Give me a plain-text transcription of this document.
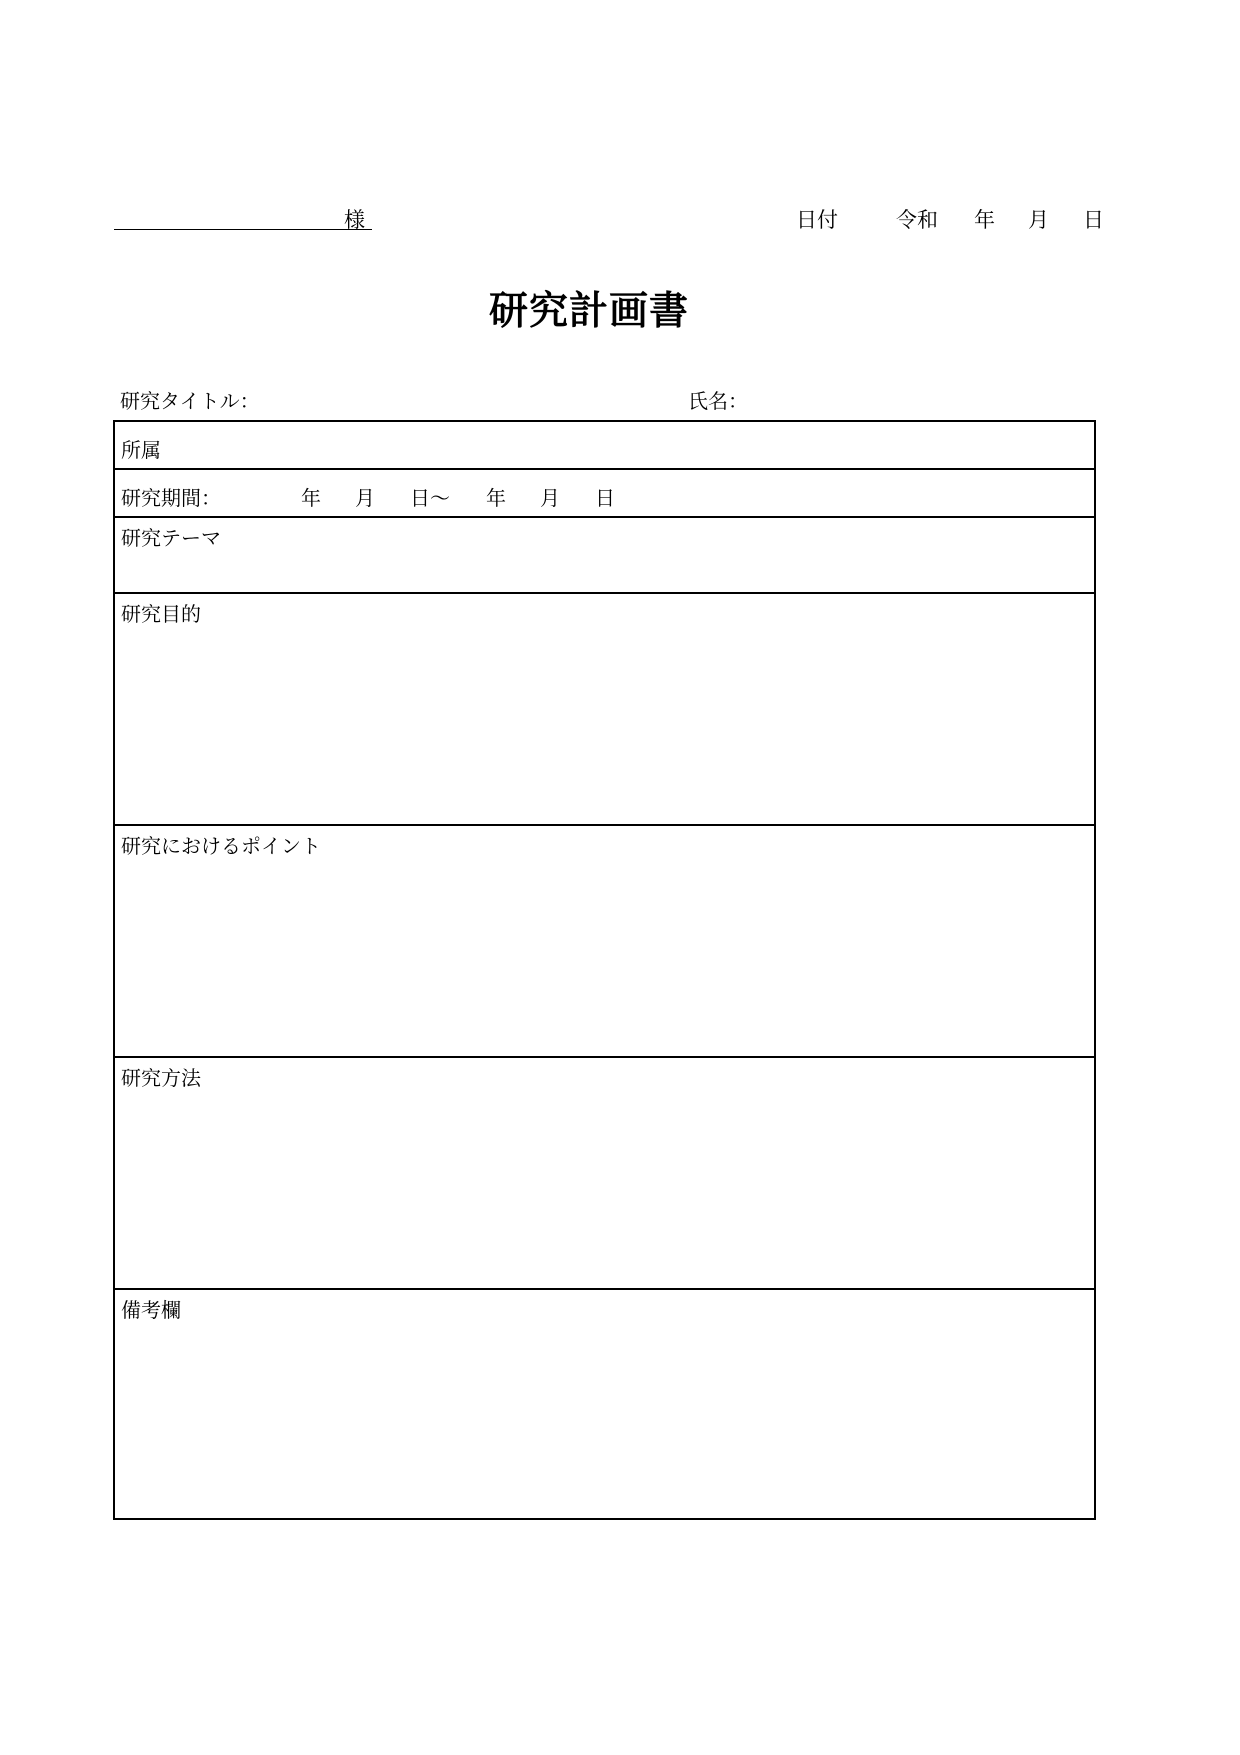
様	日付	令和 年 月 日
研究計画書
研究タイトル：	氏名：
所属
研究期間：	年 月 日～ 年 月 日
研究テーマ
研究目的
研究におけるポイント
研究方法
備考欄
